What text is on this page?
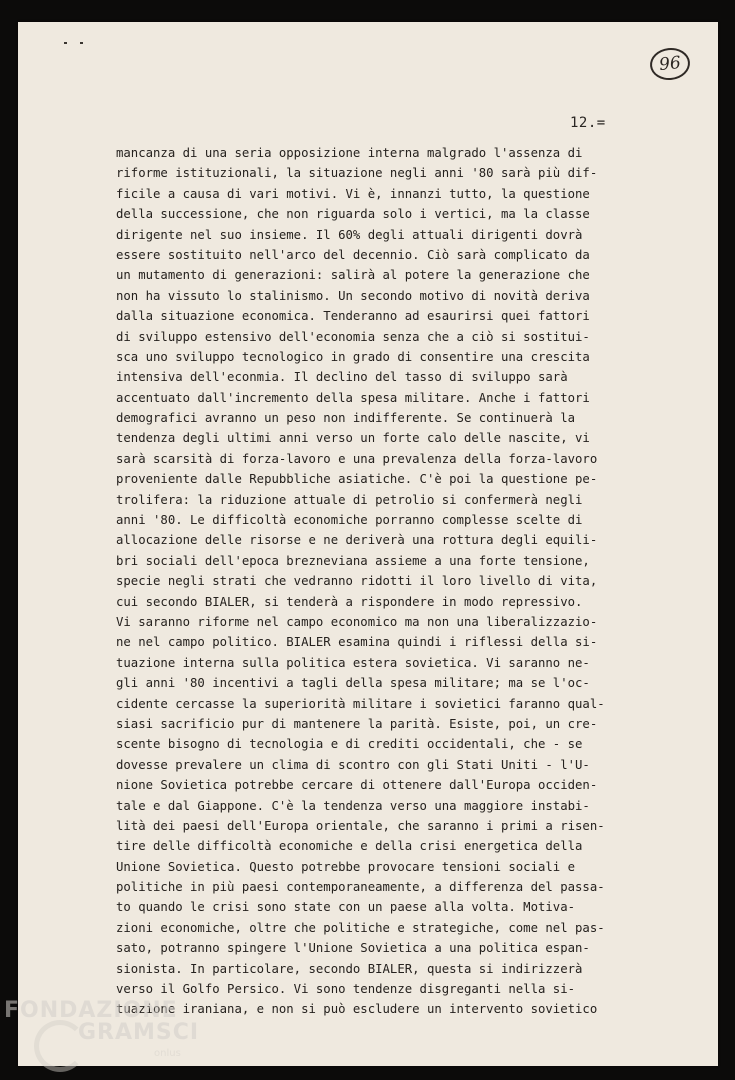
96
12.=
mancanza di una seria opposizione interna malgrado l'assenza di
riforme istituzionali, la situazione negli anni '80 sarà più dif-
ficile a causa di vari motivi. Vi è, innanzi tutto, la questione
della successione, che non riguarda solo i vertici, ma la classe
dirigente nel suo insieme. Il 60% degli attuali dirigenti dovrà
essere sostituito nell'arco del decennio. Ciò sarà complicato da
un mutamento di generazioni: salirà al potere la generazione che
non ha vissuto lo stalinismo. Un secondo motivo di novità deriva
dalla situazione economica. Tenderanno ad esaurirsi quei fattori
di sviluppo estensivo dell'economia senza che a ciò si sostitui-
sca uno sviluppo tecnologico in grado di consentire una crescita
intensiva dell'econmia. Il declino del tasso di sviluppo sarà
accentuato dall'incremento della spesa militare. Anche i fattori
demografici avranno un peso non indifferente. Se continuerà la
tendenza degli ultimi anni verso un forte calo delle nascite, vi
sarà scarsità di forza-lavoro e una prevalenza della forza-lavoro
proveniente dalle Repubbliche asiatiche. C'è poi la questione pe-
trolifera: la riduzione attuale di petrolio si confermerà negli
anni '80. Le difficoltà economiche porranno complesse scelte di
allocazione delle risorse e ne deriverà una rottura degli equili-
bri sociali dell'epoca brezneviana assieme a una forte tensione,
specie negli strati che vedranno ridotti il loro livello di vita,
cui secondo BIALER, si tenderà a rispondere in modo repressivo.
Vi saranno riforme nel campo economico ma non una liberalizzazio-
ne nel campo politico. BIALER esamina quindi i riflessi della si-
tuazione interna sulla politica estera sovietica. Vi saranno ne-
gli anni '80 incentivi a tagli della spesa militare; ma se l'oc-
cidente cercasse la superiorità militare i sovietici faranno qual-
siasi sacrificio pur di mantenere la parità. Esiste, poi, un cre-
scente bisogno di tecnologia e di crediti occidentali, che - se
dovesse prevalere un clima di scontro con gli Stati Uniti - l'U-
nione Sovietica potrebbe cercare di ottenere dall'Europa occiden-
tale e dal Giappone. C'è la tendenza verso una maggiore instabi-
lità dei paesi dell'Europa orientale, che saranno i primi a risen-
tire delle difficoltà economiche e della crisi energetica della
Unione Sovietica. Questo potrebbe provocare tensioni sociali e
politiche in più paesi contemporaneamente, a differenza del passa-
to quando le crisi sono state con un paese alla volta. Motiva-
zioni economiche, oltre che politiche e strategiche, come nel pas-
sato, potranno spingere l'Unione Sovietica a una politica espan-
sionista. In particolare, secondo BIALER, questa si indirizzerà
verso il Golfo Persico. Vi sono tendenze disgreganti nella si-
tuazione iraniana, e non si può escludere un intervento sovietico
FONDAZIONE
GRAMSCI
onlus
